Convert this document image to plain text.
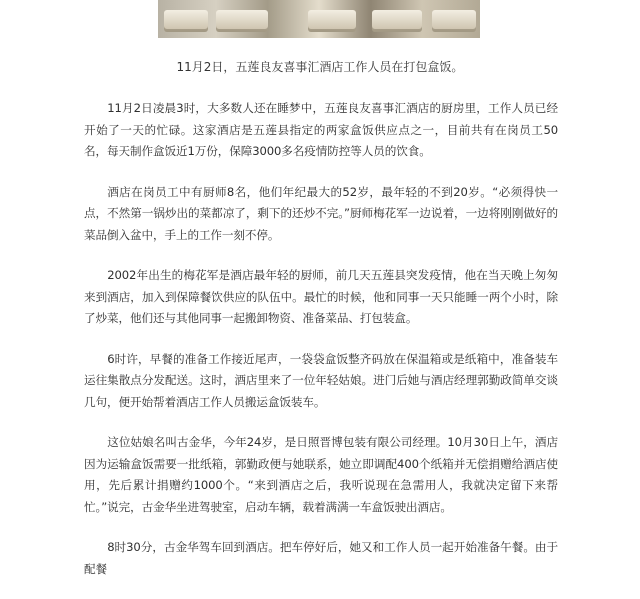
11月2日，五莲良友喜事汇酒店工作人员在打包盒饭。

11月2日凌晨3时，大多数人还在睡梦中，五莲良友喜事汇酒店的厨房里，工作人员已经开始了一天的忙碌。这家酒店是五莲县指定的两家盒饭供应点之一，目前共有在岗员工50名，每天制作盒饭近1万份，保障3000多名疫情防控等人员的饮食。

酒店在岗员工中有厨师8名，他们年纪最大的52岁，最年轻的不到20岁。“必须得快一点，不然第一锅炒出的菜都凉了，剩下的还炒不完。”厨师梅花军一边说着，一边将刚刚做好的菜品倒入盆中，手上的工作一刻不停。

2002年出生的梅花军是酒店最年轻的厨师，前几天五莲县突发疫情，他在当天晚上匆匆来到酒店，加入到保障餐饮供应的队伍中。最忙的时候，他和同事一天只能睡一两个小时，除了炒菜，他们还与其他同事一起搬卸物资、准备菜品、打包装盒。

6时许，早餐的准备工作接近尾声，一袋袋盒饭整齐码放在保温箱或是纸箱中，准备装车运往集散点分发配送。这时，酒店里来了一位年轻姑娘。进门后她与酒店经理郭勤政简单交谈几句，便开始帮着酒店工作人员搬运盒饭装车。

这位姑娘名叫古金华，今年24岁，是日照晋博包装有限公司经理。10月30日上午，酒店因为运输盒饭需要一批纸箱，郭勤政便与她联系，她立即调配400个纸箱并无偿捐赠给酒店使用，先后累计捐赠约1000个。“来到酒店之后，我听说现在急需用人，我就决定留下来帮忙。”说完，古金华坐进驾驶室，启动车辆，载着满满一车盒饭驶出酒店。

8时30分，古金华驾车回到酒店。把车停好后，她又和工作人员一起开始准备午餐。由于配餐
